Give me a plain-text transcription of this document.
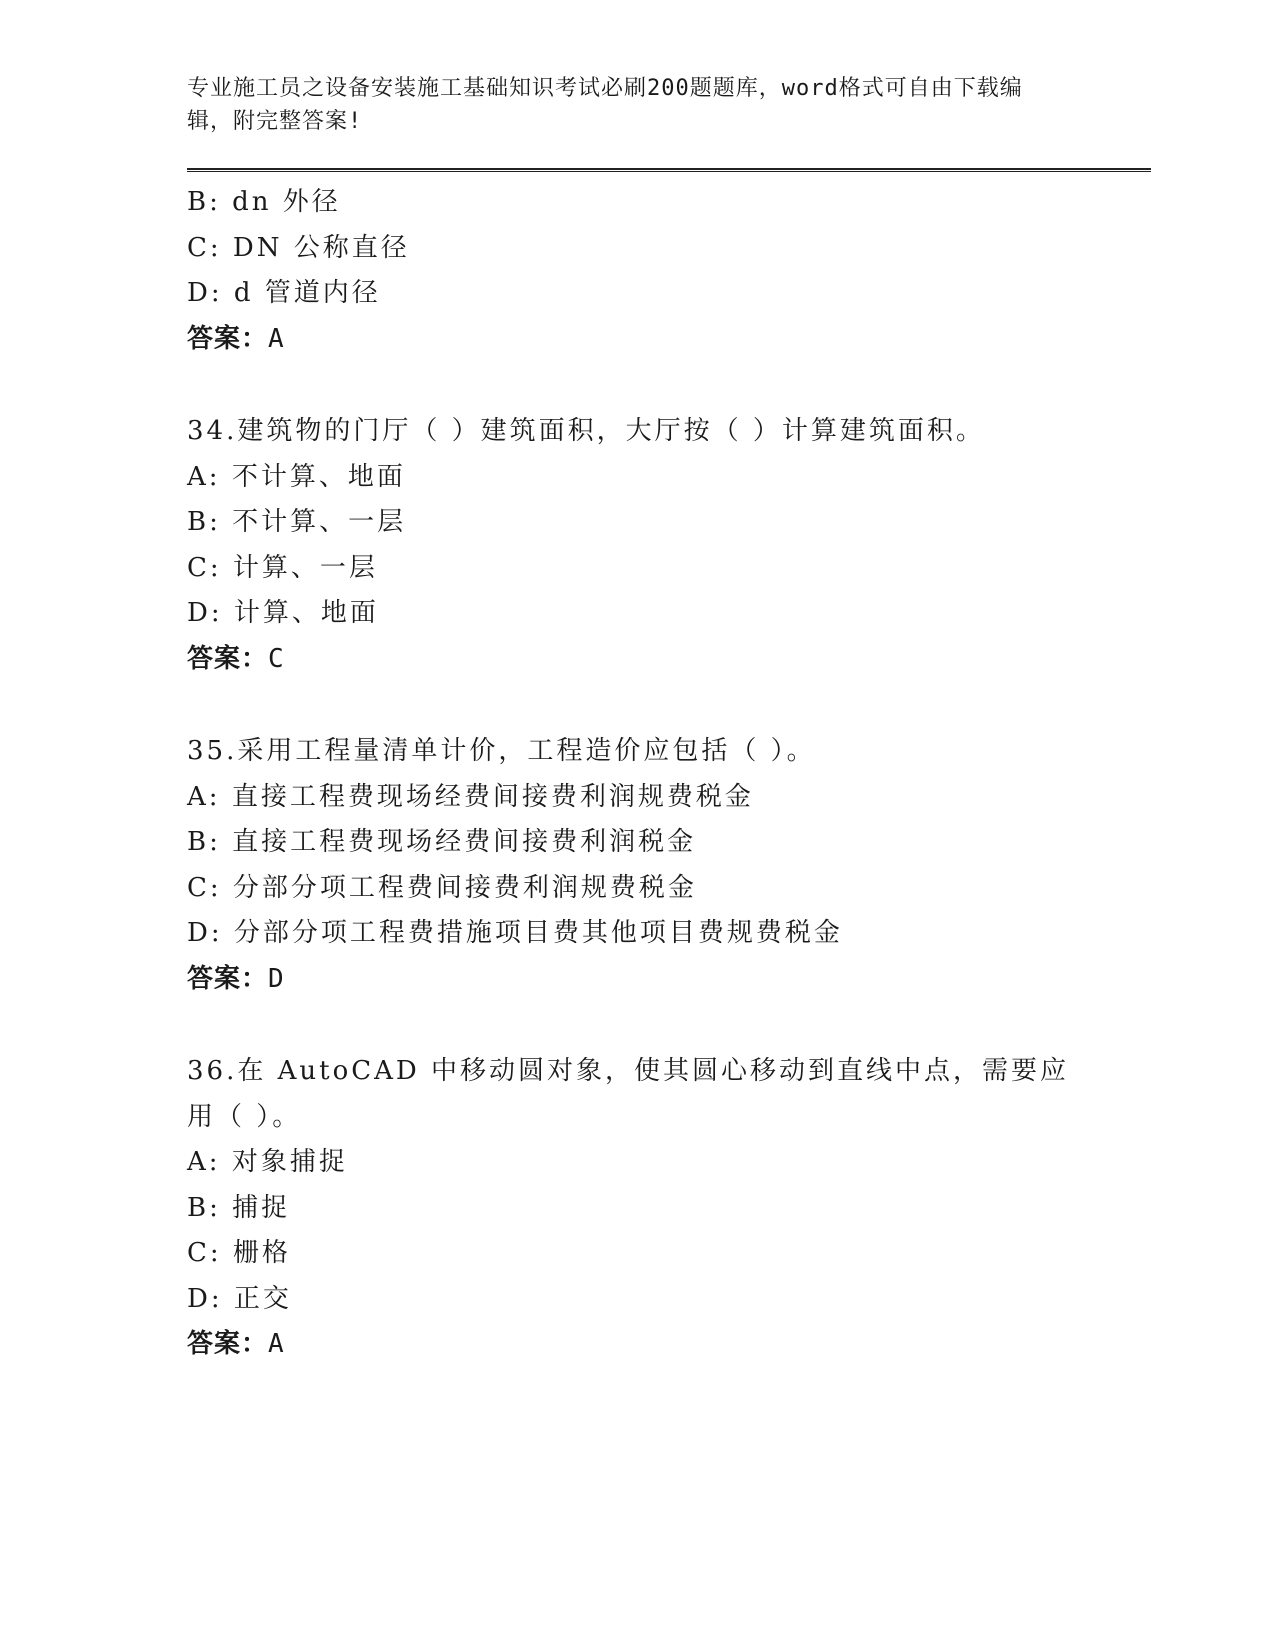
专业施工员之设备安装施工基础知识考试必刷200题题库，word格式可自由下载编辑，附完整答案!
B: dn 外径
C: DN 公称直径
D: d 管道内径
答案：A
34.建筑物的门厅（ ）建筑面积，大厅按（ ）计算建筑面积。
A: 不计算、地面
B: 不计算、一层
C: 计算、一层
D: 计算、地面
答案：C
35.采用工程量清单计价，工程造价应包括（ ）。
A: 直接工程费现场经费间接费利润规费税金
B: 直接工程费现场经费间接费利润税金
C: 分部分项工程费间接费利润规费税金
D: 分部分项工程费措施项目费其他项目费规费税金
答案：D
36.在 AutoCAD 中移动圆对象，使其圆心移动到直线中点，需要应用（ ）。
A: 对象捕捉
B: 捕捉
C: 栅格
D: 正交
答案：A
